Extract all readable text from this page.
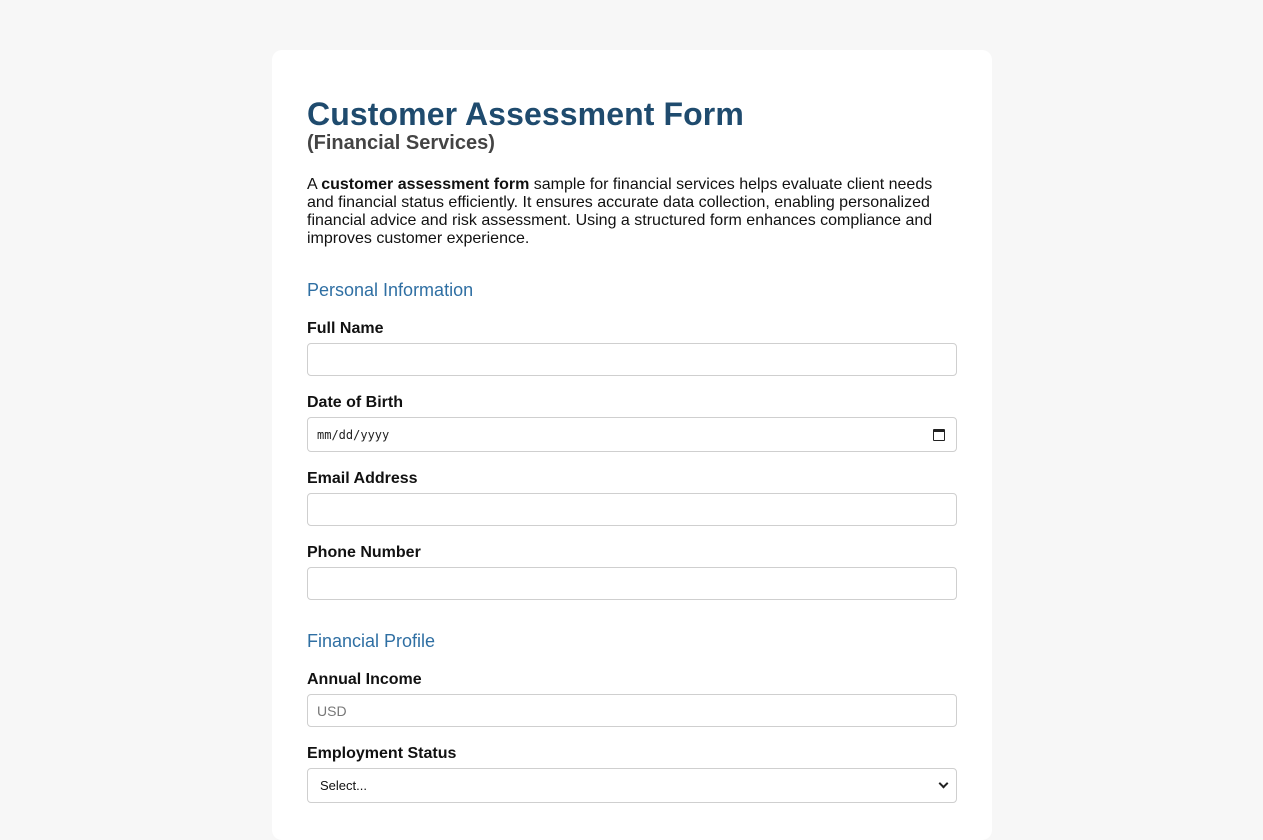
Customer Assessment Form
(Financial Services)

A customer assessment form sample for financial services helps evaluate client needs and financial status efficiently. It ensures accurate data collection, enabling personalized financial advice and risk assessment. Using a structured form enhances compliance and improves customer experience.

Personal Information
Full Name
Date of Birth
mm/dd/yyyy
Email Address
Phone Number
Financial Profile
Annual Income
USD
Employment Status
Select...
